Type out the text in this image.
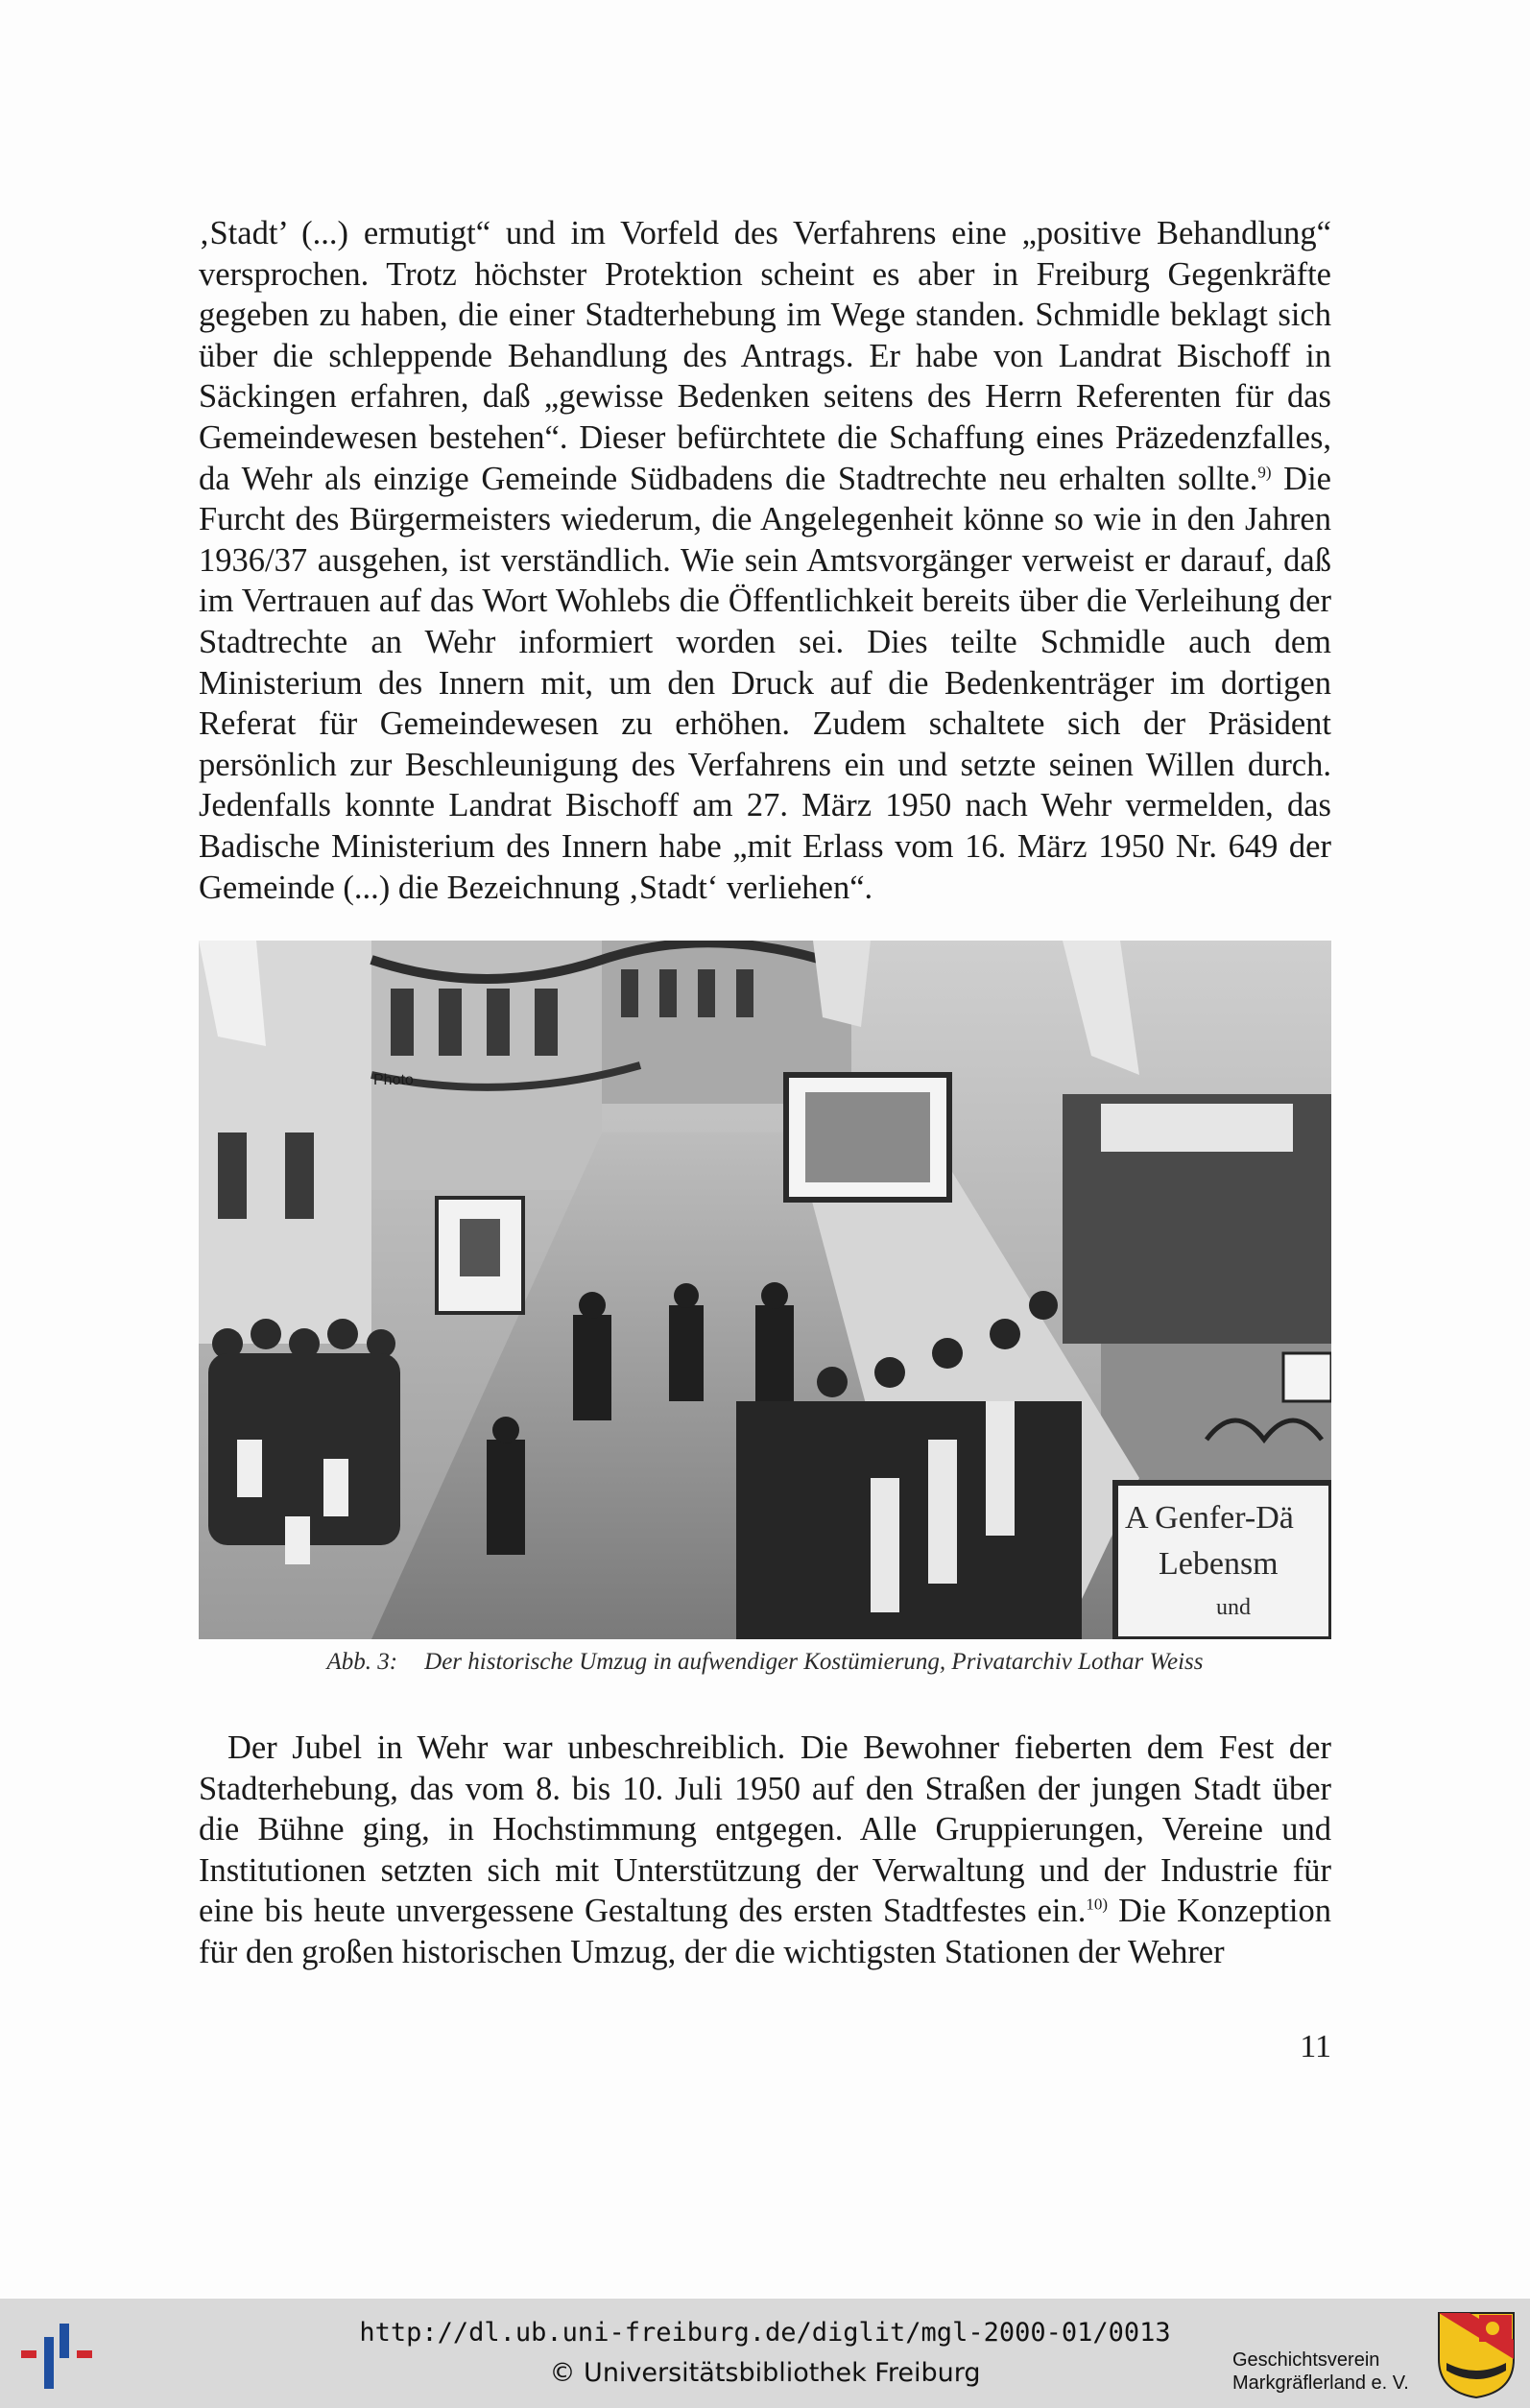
‚Stadt’ (...) ermutigt“ und im Vorfeld des Verfahrens eine „positive Behandlung“ versprochen. Trotz höchster Protektion scheint es aber in Freiburg Gegenkräfte gegeben zu haben, die einer Stadterhebung im Wege standen. Schmidle beklagt sich über die schleppende Behandlung des Antrags. Er habe von Landrat Bischoff in Säckingen erfahren, daß „gewisse Bedenken seitens des Herrn Referenten für das Gemeindewesen bestehen“. Dieser befürchtete die Schaffung eines Präzedenzfalles, da Wehr als einzige Gemeinde Südbadens die Stadtrechte neu erhalten sollte.$^{9)}$ Die Furcht des Bürgermeisters wiederum, die Angelegenheit könne so wie in den Jahren 1936/37 ausgehen, ist verständlich. Wie sein Amtsvorgänger verweist er darauf, daß im Vertrauen auf das Wort Wohlebs die Öffentlichkeit bereits über die Verleihung der Stadtrechte an Wehr informiert worden sei. Dies teilte Schmidle auch dem Ministerium des Innern mit, um den Druck auf die Bedenkenträger im dortigen Referat für Gemeindewesen zu erhöhen. Zudem schaltete sich der Präsident persönlich zur Beschleunigung des Verfahrens ein und setzte seinen Willen durch. Jedenfalls konnte Landrat Bischoff am 27. März 1950 nach Wehr vermelden, das Badische Ministerium des Innern habe „mit Erlass vom 16. März 1950 Nr. 649 der Gemeinde (...) die Bezeichnung ‚Stadt‘ verliehen“.

A Genfer-Dä
Lebensm
und
Photo
Abb. 3: Der historische Umzug in aufwendiger Kostümierung, Privatarchiv Lothar Weiss

Der Jubel in Wehr war unbeschreiblich. Die Bewohner fieberten dem Fest der Stadterhebung, das vom 8. bis 10. Juli 1950 auf den Straßen der jungen Stadt über die Bühne ging, in Hochstimmung entgegen. Alle Gruppierungen, Vereine und Institutionen setzten sich mit Unterstützung der Verwaltung und der Industrie für eine bis heute unvergessene Gestaltung des ersten Stadtfestes ein.$^{10)}$ Die Konzeption für den großen historischen Umzug, der die wichtigsten Stationen der Wehrer

11
http://dl.ub.uni-freiburg.de/diglit/mgl-2000-01/0013
© Universitätsbibliothek Freiburg	Geschichtsverein
Markgräflerland e. V.
